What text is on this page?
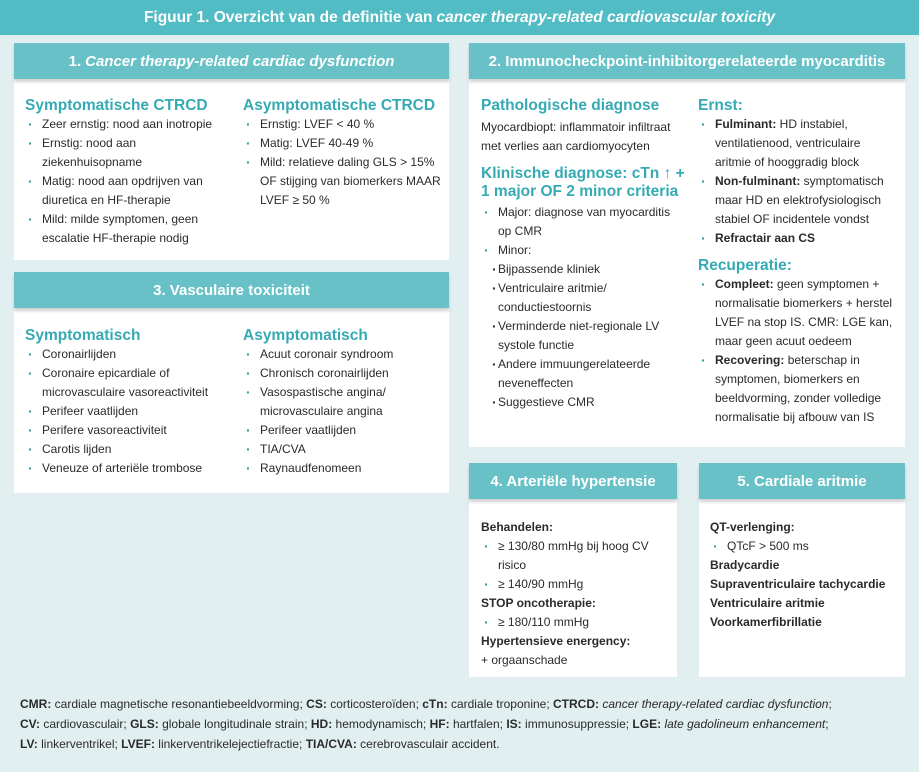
Figuur 1. Overzicht van de definitie van cancer therapy-related cardiovascular toxicity
1. Cancer therapy-related cardiac dysfunction
Symptomatische CTRCD
· Zeer ernstig: nood aan inotropie
· Ernstig: nood aan ziekenhuisopname
· Matig: nood aan opdrijven van diuretica en HF-therapie
· Mild: milde symptomen, geen escalatie HF-therapie nodig
Asymptomatische CTRCD
· Ernstig: LVEF < 40 %
· Matig: LVEF 40-49 %
· Mild: relatieve daling GLS > 15% OF stijging van biomerkers MAAR LVEF ≥ 50 %
3. Vasculaire toxiciteit
Symptomatisch
· Coronairlijden
· Coronaire epicardiale of microvasculaire vasoreactiviteit
· Perifeer vaatlijden
· Perifere vasoreactiviteit
· Carotis lijden
· Veneuze of arteriële trombose
Asymptomatisch
· Acuut coronair syndroom
· Chronisch coronairlijden
· Vasospastische angina/ microvasculaire angina
· Perifeer vaatlijden
· TIA/CVA
· Raynaudfenomeen
2. Immunocheckpoint-inhibitorgerelateerde myocarditis
Pathologische diagnose
Myocardbiopt: inflammatoir infiltraat met verlies aan cardiomyocyten
Klinische diagnose: cTn ↑ + 1 major OF 2 minor criteria
· Major: diagnose van myocarditis op CMR
· Minor:
· Bijpassende kliniek
· Ventriculaire aritmie/ conductiestoornis
· Verminderde niet-regionale LV systole functie
· Andere immuungerelateerde neveneffecten
· Suggestieve CMR
Ernst:
· Fulminant: HD instabiel, ventilatienood, ventriculaire aritmie of hooggradig block
· Non-fulminant: symptomatisch maar HD en elektrofysiologisch stabiel OF incidentele vondst
· Refractair aan CS
Recuperatie:
· Compleet: geen symptomen + normalisatie biomerkers + herstel LVEF na stop IS. CMR: LGE kan, maar geen acuut oedeem
· Recovering: beterschap in symptomen, biomerkers en beeldvorming, zonder volledige normalisatie bij afbouw van IS
4. Arteriële hypertensie
Behandelen:
· ≥ 130/80 mmHg bij hoog CV risico
· ≥ 140/90 mmHg
STOP oncotherapie:
· ≥ 180/110 mmHg
Hypertensieve energency:
+ orgaanschade
5. Cardiale aritmie
QT-verlenging:
· QTcF > 500 ms
Bradycardie
Supraventriculaire tachycardie
Ventriculaire aritmie
Voorkamerfibrillatie
CMR: cardiale magnetische resonantiebeeldvorming; CS: corticosteroïden; cTn: cardiale troponine; CTRCD: cancer therapy-related cardiac dysfunction;
CV: cardiovasculair; GLS: globale longitudinale strain; HD: hemodynamisch; HF: hartfalen; IS: immunosuppressie; LGE: late gadolineum enhancement;
LV: linkerventrikel; LVEF: linkerventrikelejectiefractie; TIA/CVA: cerebrovasculair accident.
